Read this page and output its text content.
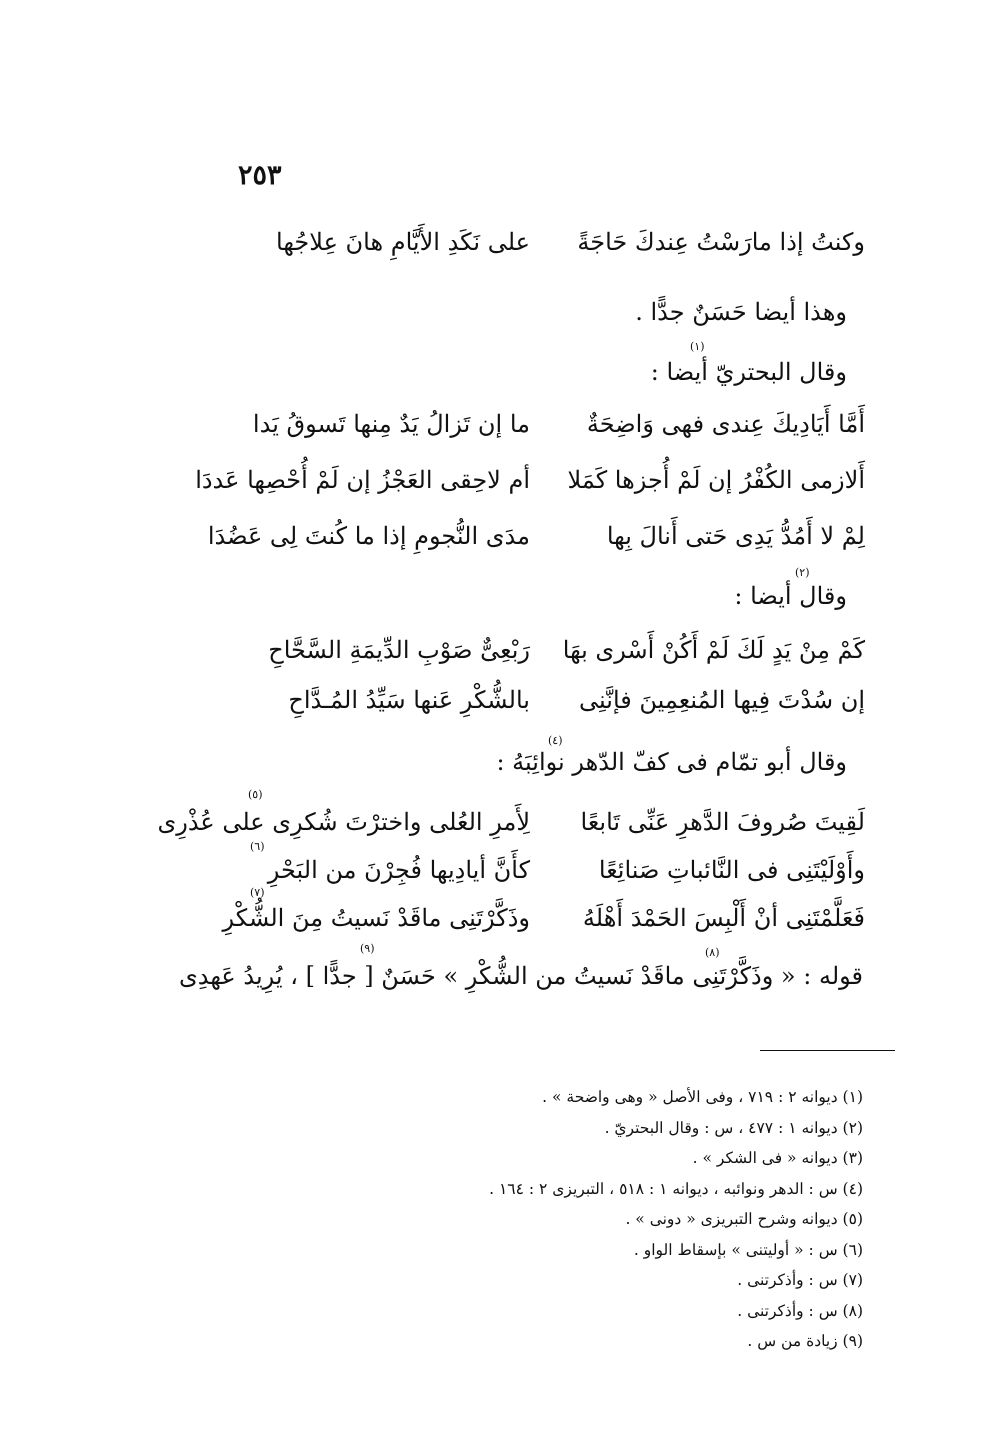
٢٥٣
وكنتُ إذا مارَسْتُ عِندكَ حَاجَةً
على نَكَدِ الأَيَّامِ هانَ عِلاجُها
وهذا أيضا حَسَنٌ جدًّا .
(١)
وقال البحتريّ أيضا :
أَمَّا أَيَادِيكَ عِندى فهى وَاضِحَةٌ
ما إن تَزالُ يَدٌ مِنها تَسوقُ يَدا
أَلازمى الكُفْرُ إن لَمْ أُجزها كَمَلا
أم لاحِقى العَجْزُ إن لَمْ أُحْصِها عَددَا
لِمْ لا أَمُدُّ يَدِى حَتى أَنالَ بِها
مدَى النُّجومِ إذا ما كُنتَ لِى عَضُدَا
(٢)
وقال أيضا :
كَمْ مِنْ يَدٍ لَكَ لَمْ أَكُنْ أَسْرى بهَا
رَبْعِىٌّ صَوْبِ الدِّيمَةِ السَّحَّاحِ
إن سُدْتَ فِيها المُنعِمِينَ فإنَّنِى
بالشُّكْرِ عَنها سَيِّدُ المُـدَّاحِ
(٤)
وقال أبو تمّام فى كفّ الدّهر نوائِبَهُ :
(٥)
لَقِيتَ صُروفَ الدَّهرِ عَنِّى تَابعًا
لِأَمرِ العُلى واخترْتَ شُكرِى على عُذْرِى
(٦)
وأَوْلَيْتَنِى فى النَّائباتِ صَنائِعًا
كأَنَّ أيادِيها فُجِرْنَ من البَحْرِ
(٧)
فَعَلَّمْتَنِى أنْ أَلْبِسَ الحَمْدَ أَهْلَهُ
وذَكَّرْتَنِى ماقَدْ نَسيتُ مِنَ الشُّكْرِ
(٨)
(٩)
قوله : « وذَكَّرْتَنِى ماقَدْ نَسيتُ من الشُّكْرِ » حَسَنٌ [ جدًّا ] ، يُرِيدُ عَهدِى
(١) ديوانه ٢ : ٧١٩ ، وفى الأصل « وهى واضحة » .
(٢) ديوانه ١ : ٤٧٧ ، س : وقال البحتريّ .
(٣) ديوانه « فى الشكر » .
(٤) س : الدهر ونوائبه ، ديوانه ١ : ٥١٨ ، التبريزى ٢ : ١٦٤ .
(٥) ديوانه وشرح التبريزى « دونى » .
(٦) س : « أوليتنى » بإسقاط الواو .
(٧) س : وأذكرتنى .
(٨) س : وأذكرتنى .
(٩) زيادة من س .
